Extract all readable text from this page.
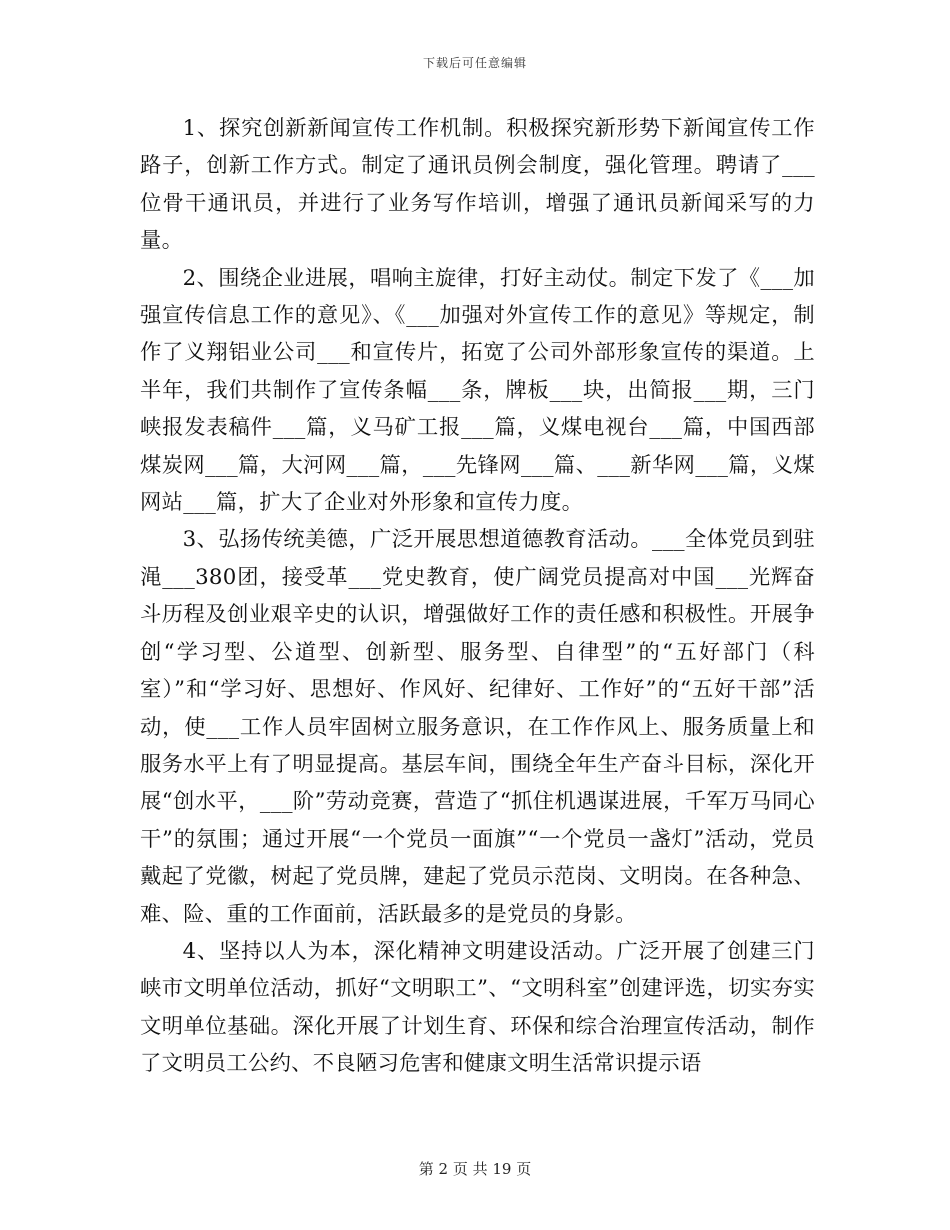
下载后可任意编辑

1、探究创新新闻宣传工作机制。积极探究新形势下新闻宣传工作路子，创新工作方式。制定了通讯员例会制度，强化管理。聘请了___位骨干通讯员，并进行了业务写作培训，增强了通讯员新闻采写的力量。

2、围绕企业进展，唱响主旋律，打好主动仗。制定下发了《___加强宣传信息工作的意见》、《___加强对外宣传工作的意见》等规定，制作了义翔铝业公司___和宣传片，拓宽了公司外部形象宣传的渠道。上半年，我们共制作了宣传条幅___条，牌板___块，出简报___期，三门峡报发表稿件___篇，义马矿工报___篇，义煤电视台___篇，中国西部煤炭网___篇，大河网___篇，___先锋网___篇、___新华网___篇，义煤网站___篇，扩大了企业对外形象和宣传力度。

3、弘扬传统美德，广泛开展思想道德教育活动。___全体党员到驻渑___380团，接受革___党史教育，使广阔党员提高对中国___光辉奋斗历程及创业艰辛史的认识，增强做好工作的责任感和积极性。开展争创“学习型、公道型、创新型、服务型、自律型”的“五好部门（科室）”和“学习好、思想好、作风好、纪律好、工作好”的“五好干部”活动，使___工作人员牢固树立服务意识，在工作作风上、服务质量上和服务水平上有了明显提高。基层车间，围绕全年生产奋斗目标，深化开展“创水平，___阶”劳动竞赛，营造了“抓住机遇谋进展，千军万马同心干”的氛围；通过开展“一个党员一面旗”“一个党员一盏灯”活动，党员戴起了党徽，树起了党员牌，建起了党员示范岗、文明岗。在各种急、难、险、重的工作面前，活跃最多的是党员的身影。

4、坚持以人为本，深化精神文明建设活动。广泛开展了创建三门峡市文明单位活动，抓好“文明职工”、“文明科室”创建评选，切实夯实文明单位基础。深化开展了计划生育、环保和综合治理宣传活动，制作了文明员工公约、不良陋习危害和健康文明生活常识提示语

第 2 页 共 19 页
